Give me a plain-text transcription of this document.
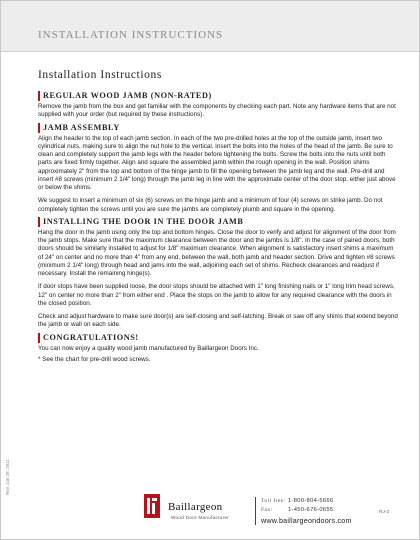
INSTALLATION INSTRUCTIONS
Installation Instructions
REGULAR WOOD JAMB (NON-RATED)

Remove the jamb from the box and get familiar with the components by checking each part. Note any hardware items that are not supplied with your order (but required by these instructions).

JAMB ASSEMBLY

Align the header to the top of each jamb section. In each of the two pre-drilled holes at the top of the outside jamb, insert two cylindrical nuts, making sure to align the nut hole to the vertical. Insert the bolts into the holes of the head of the jamb. Be sure to clean and completely support the jamb legs with the header before tightening the bolts. Screw the bolts into the nuts until both parts are fixed firmly together. Align and square the assembled jamb within the rough opening in the wall. Position shims approximately 2" from the top and bottom of the hinge jamb to fill the opening between the jamb leg and the wall. Pre-drill and insert #8 screws (minimum 2 1/4" long) through the jamb leg in line with the approximate center of the door stop, either just above or below the shims.

We suggest to insert a minimum of six (6) screws on the hinge jamb and a minimum of four (4) screws on strike jamb. Do not completely tighten the screws until you are sure the jambs are completely plumb and square in the opening.

INSTALLING THE DOOR IN THE DOOR JAMB

Hang the door in the jamb using only the top and bottom hinges. Close the door to verify and adjust for alignment of the door from the jamb stops. Make sure that the maximum clearance between the door and the jambs is 1/8". In the case of paired doors, both doors should be similarly installed to adjust for 1/8" maximum clearance. When alignment is satisfactory insert shims a maximum of 24" on center and no more than 4" from any end, between the wall, both jamb and header section. Drive and tighten #8 screws (minimum 2 1/4" long) through head and jams into the wall, adjoining each set of shims. Recheck clearances and readjust if necessary. Install the remaining hinge(s).

If door stops have been supplied loose, the door stops should be attached with 1" long finishing nails or 1" long trim head screws, 12" on center no more than 2" from either end . Place the stops on the jamb to allow for any required clearance with the doors in the closed position.

Check and adjust hardware to make sure door(s) are self-closing and self-latching. Break or saw off any shims that extend beyond the jamb or wall on each side.

CONGRATULATIONS!

You can now enjoy a quality wood jamb manufactured by Baillargeon Doors Inc.

* See the chart for pre-drill wood screws.

Rev. Jan 28, 2011
Baillargeon
Wood Door Manufacturer
Toll free: 1-800-804-5666
Fax:	1-450-676-0655
www.baillargeondoors.com
RJ-2
